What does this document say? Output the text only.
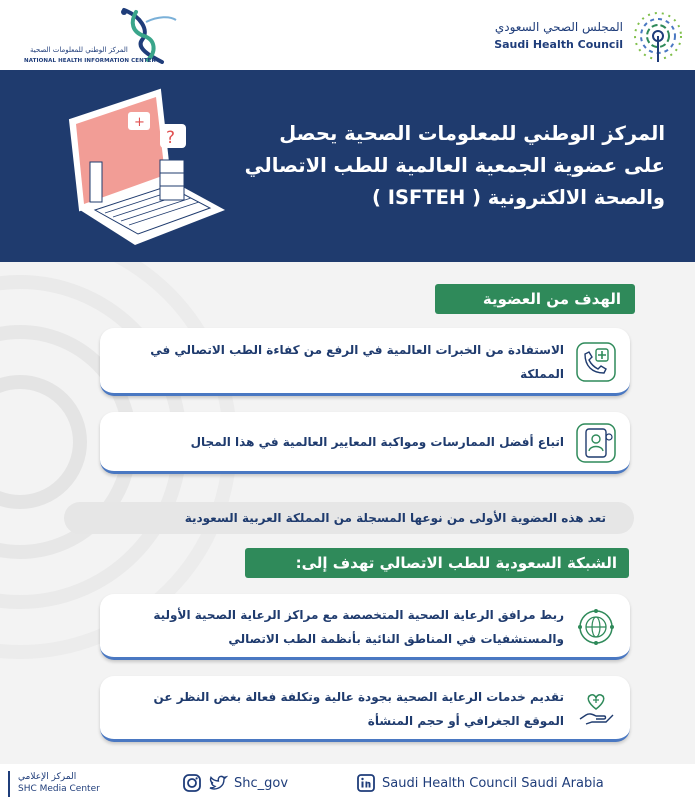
المركز الوطني للمعلومات الصحية
NATIONAL HEALTH INFORMATION CENTER
المجلس الصحي السعودي
Saudi Health Council
+
?	المركز الوطني للمعلومات الصحية يحصل على عضوية الجمعية العالمية للطب الاتصالي والصحة الالكترونية ( ISFTEH )
الهدف من العضوية
الاستفادة من الخبرات العالمية في الرفع من كفاءة الطب الاتصالي في المملكة
اتباع أفضل الممارسات ومواكبة المعايير العالمية في هذا المجال
تعد هذه العضوية الأولى من نوعها المسجلة من المملكة العربية السعودية
الشبكة السعودية للطب الاتصالي تهدف إلى:
ربط مرافق الرعاية الصحية المتخصصة مع مراكز الرعاية الصحية الأولية والمستشفيات في المناطق النائية بأنظمة الطب الاتصالي
تقديم خدمات الرعاية الصحية بجودة عالية وتكلفة فعالة بغض النظر عن الموقع الجغرافي أو حجم المنشأة
المركز الإعلامي
SHC Media Center	Shc_gov	Saudi Health Council Saudi Arabia
